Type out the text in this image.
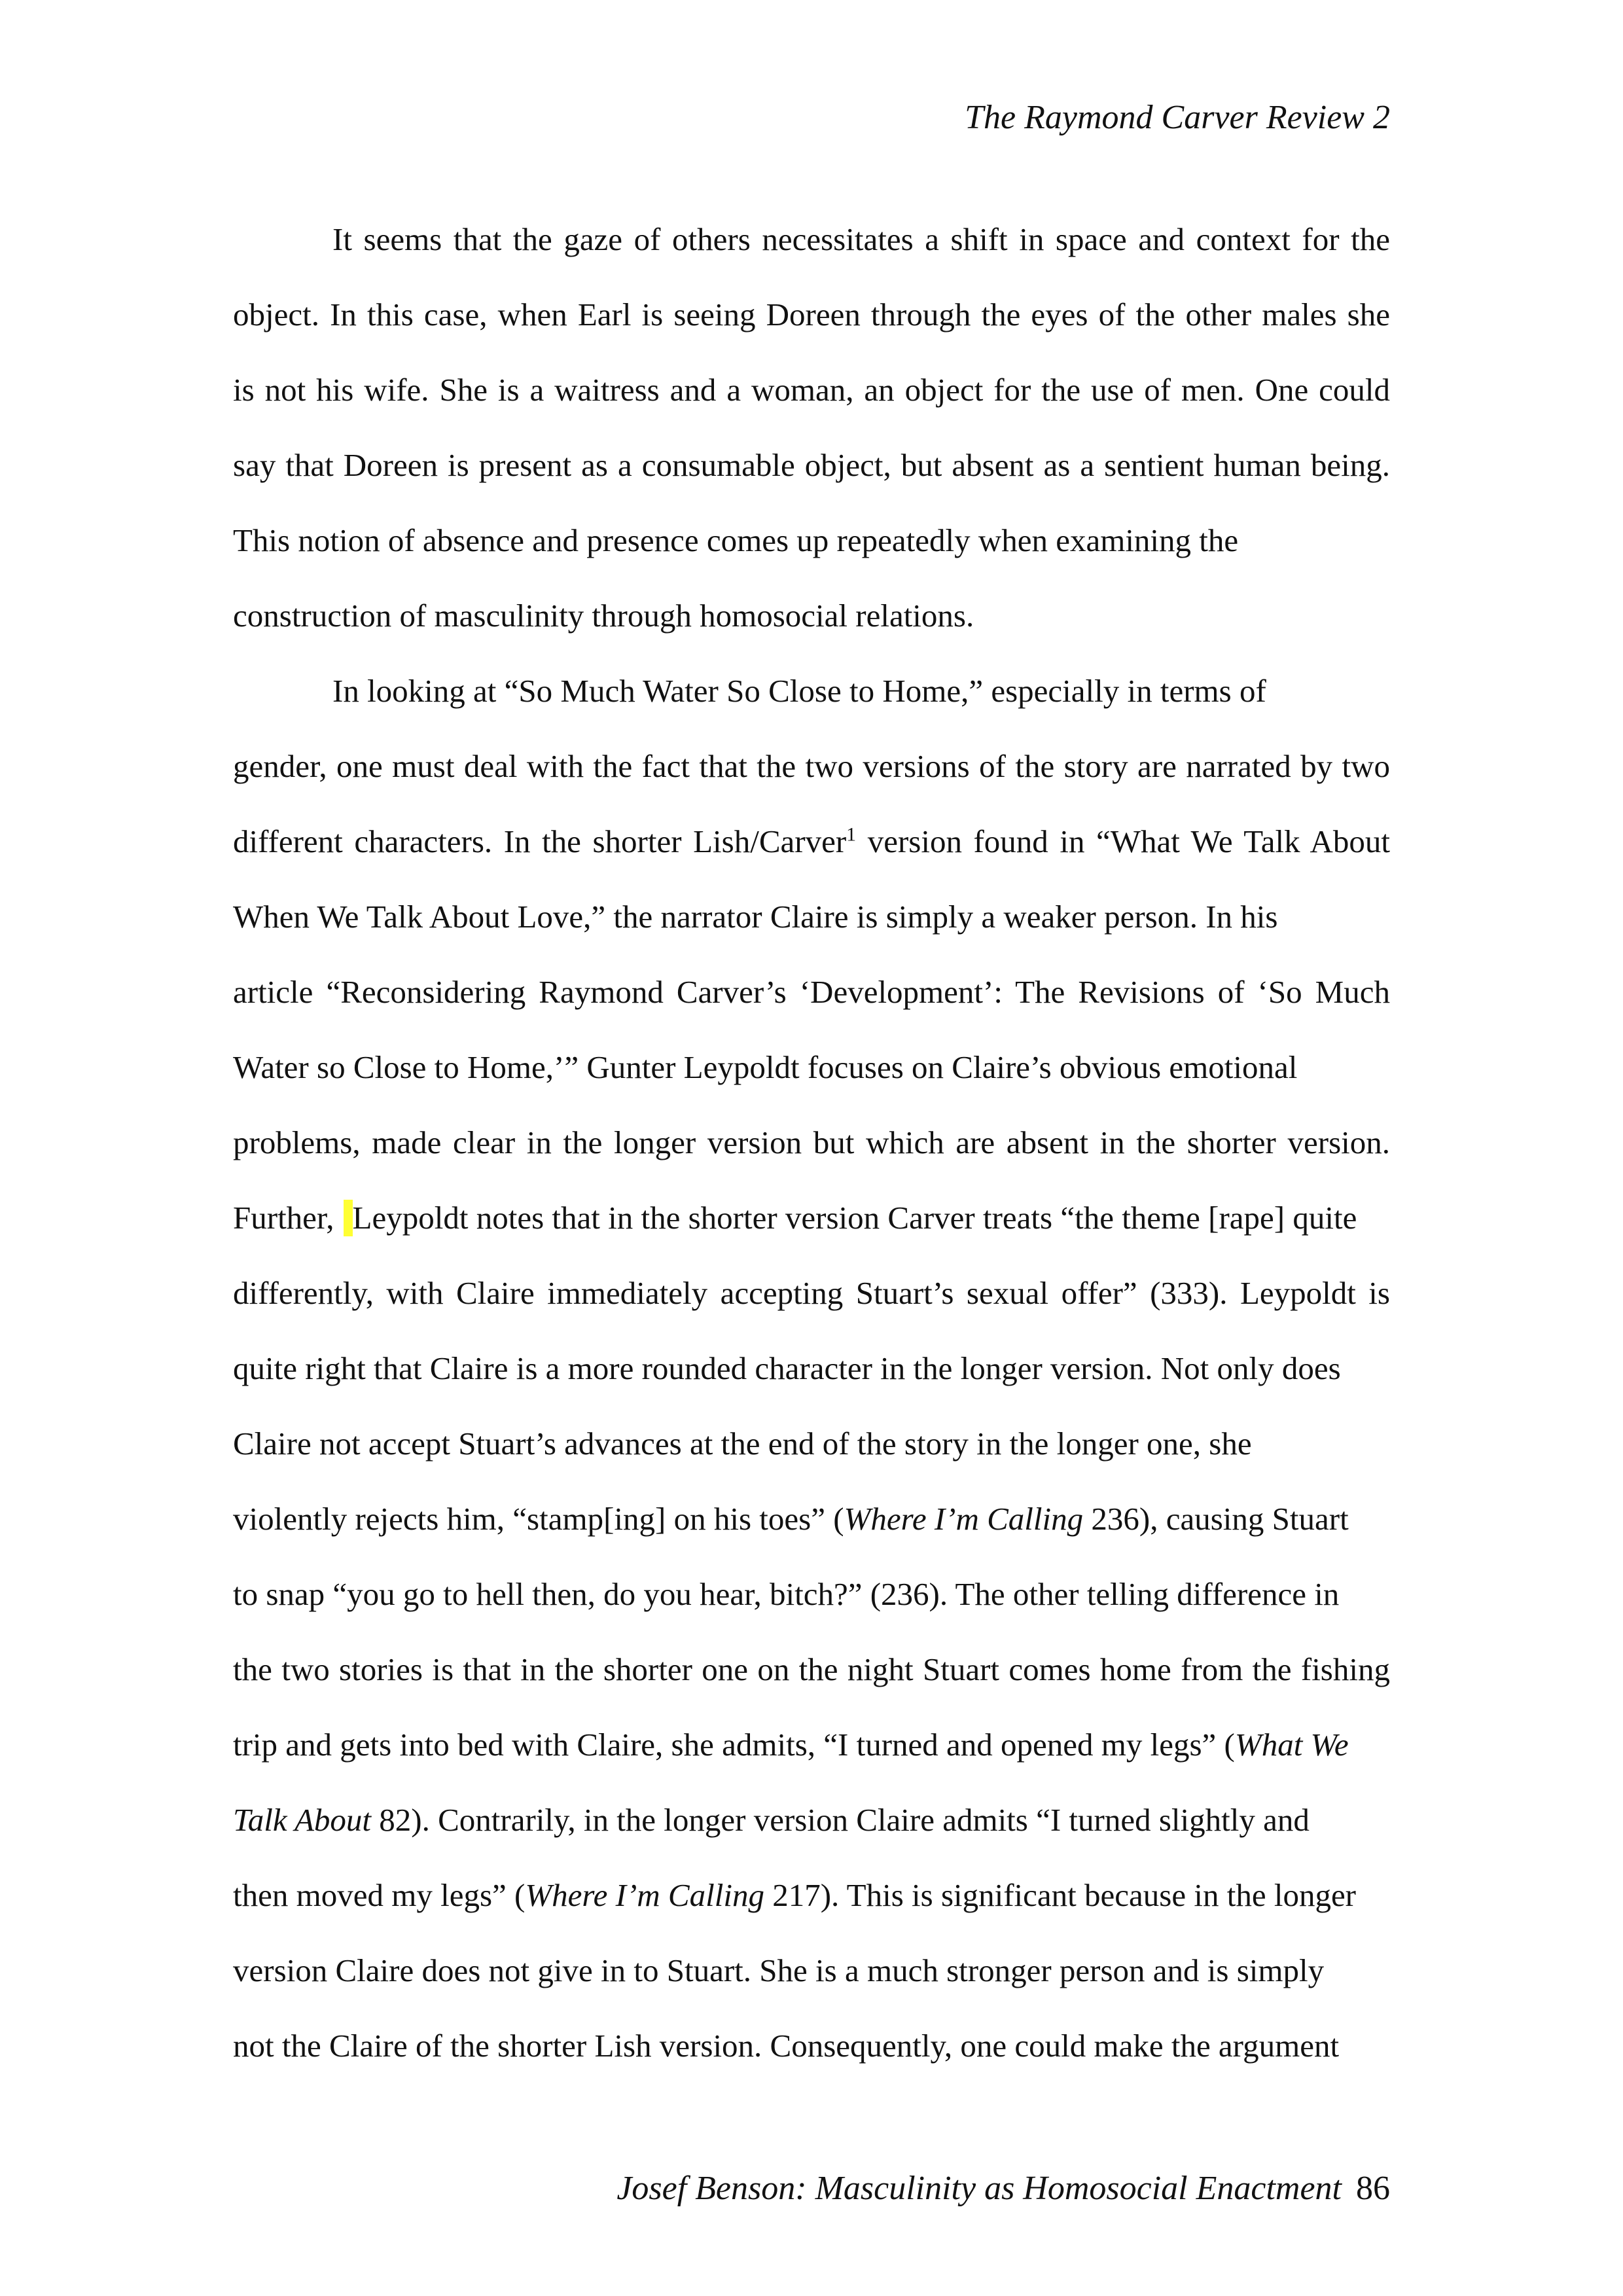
The Raymond Carver Review 2
It seems that the gaze of others necessitates a shift in space and context for the
object. In this case, when Earl is seeing Doreen through the eyes of the other males she
is not his wife. She is a waitress and a woman, an object for the use of men. One could
say that Doreen is present as a consumable object, but absent as a sentient human being.
This notion of absence and presence comes up repeatedly when examining the
construction of masculinity through homosocial relations.
In looking at “So Much Water So Close to Home,” especially in terms of
gender, one must deal with the fact that the two versions of the story are narrated by two
different characters. In the shorter Lish/Carver$^1$ version found in “What We Talk About
When We Talk About Love,” the narrator Claire is simply a weaker person. In his
article “Reconsidering Raymond Carver’s ‘Development’: The Revisions of ‘So Much
Water so Close to Home,’” Gunter Leypoldt focuses on Claire’s obvious emotional
problems, made clear in the longer version but which are absent in the shorter version.
Further, Leypoldt notes that in the shorter version Carver treats “the theme [rape] quite
differently, with Claire immediately accepting Stuart’s sexual offer” (333). Leypoldt is
quite right that Claire is a more rounded character in the longer version. Not only does
Claire not accept Stuart’s advances at the end of the story in the longer one, she
violently rejects him, “stamp[ing] on his toes” (Where I’m Calling 236), causing Stuart
to snap “you go to hell then, do you hear, bitch?” (236). The other telling difference in
the two stories is that in the shorter one on the night Stuart comes home from the fishing
trip and gets into bed with Claire, she admits, “I turned and opened my legs” (What We
Talk About 82). Contrarily, in the longer version Claire admits “I turned slightly and
then moved my legs” (Where I’m Calling 217). This is significant because in the longer
version Claire does not give in to Stuart. She is a much stronger person and is simply
not the Claire of the shorter Lish version. Consequently, one could make the argument
Josef Benson: Masculinity as Homosocial Enactment 86
